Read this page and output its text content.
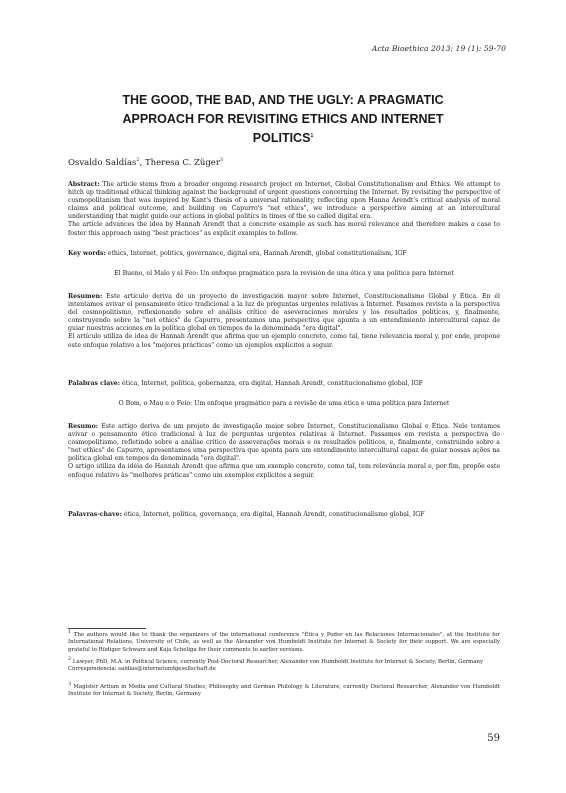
Acta Bioethica 2013; 19 (1): 59-70
THE GOOD, THE BAD, AND THE UGLY: A PRAGMATIC
APPROACH FOR REVISITING ETHICS AND INTERNET
POLITICS$^1$
Osvaldo Saldías$^2$, Theresa C. Züger$^3$

Abstract: The article stems from a broader ongoing research project on Internet, Global Constitutionalism and Ethics. We attempt to hitch up traditional ethical thinking against the background of urgent questions concerning the Internet. By revisiting the perspective of cosmopolitanism that was inspired by Kant's thesis of a universal rationality, reflecting upon Hanna Arendt's critical analysis of moral claims and political outcome, and building on Capurro's "net ethics", we introduce a perspective aiming at an intercultural understanding that might guide our actions in global politics in times of the so called digital era.
The article advances the idea by Hannah Arendt that a concrete example as such has moral relevance and therefore makes a case to foster this approach using "best practices" as explicit examples to follow.

Key words: ethics, Internet, politics, governance, digital era, Hannah Arendt, global constitutionalism, IGF

El Bueno, el Malo y el Feo: Un enfoque pragmático para la revisión de una ética y una política para Internet

Resumen: Este artículo deriva de un proyecto de investigación mayor sobre Internet, Constitucionalismo Global y Ética. En él intentamos avivar el pensamiento ético tradicional a la luz de preguntas urgentes relativas a Internet. Pasamos revista a la perspectiva del cosmopolitismo, reflexionando sobre el análisis crítico de aseveraciones morales y los resultados políticos, y, finalmente, construyendo sobre la "net ethics" de Capurro, presentamos una perspectiva que apunta a un entendimiento intercultural capaz de guiar nuestras acciones en la política global en tiempos de la denominada "era digital".
El artículo utiliza de idea de Hannah Arendt que afirma que un ejemplo concreto, como tal, tiene relevancia moral y, por ende, propone este enfoque relativo a los "mejores prácticas" como un ejemplos explícitos a seguir.

Palabras clave: ética, Internet, política, gobernanza, era digital, Hannah Arendt, constitucionalismo global, IGF

O Bom, o Mau e o Feio: Um enfoque pragmático para a revisão de uma ética e uma política para Internet

Resumo: Este artigo deriva de um projeto de investigação maior sobre Internet, Constitucionalismo Global e Ética. Nele tentamos avivar o pensamento ético tradicional à luz de perguntas urgentes relativas à Internet. Passamos em revista a perspectiva do cosmopolitismo, refletindo sobre a análise crítico de asseverações morais e os resultados políticos, e, finalmente, construindo sobre a "net ethics" de Capurro, apresentamos uma perspectiva que aponta para um entendimento intercultural capaz de guiar nossas ações na política global em tempos da denominada "era digital".
O artigo utiliza da idéia de Hannah Arendt que afirma que um exemplo concreto, como tal, tem relevância moral e, por fim, propõe este enfoque relativo às "melhores práticas" como um exemplos explícitos a seguir.

Palavras-chave: ética, Internet, política, governança, era digital, Hannah Arendt, constitucionalismo global, IGF

$^1$ The authors would like to thank the organizers of the international conference "Ética y Poder en las Relaciones Internacionales", at the Institute for International Relations, University of Chile, as well as the Alexander von Humboldt Institute for Internet & Society for their support. We are especially grateful to Rüdiger Schwarz and Kaja Scheliga for their comments to earlier versions.

$^2$ Lawyer, PhD, M.A. in Political Science, currently Post-Doctoral Researcher, Alexander von Humboldt Institute for Internet & Society, Berlin, Germany
Correspondencia: saldias@internetundgesellschaft.de

$^3$ Magister Artium in Media and Cultural Studies, Philosophy and German Philology & Literature, currently Doctoral Researcher, Alexander von Humboldt Institute for Internet & Society, Berlin, Germany

59
